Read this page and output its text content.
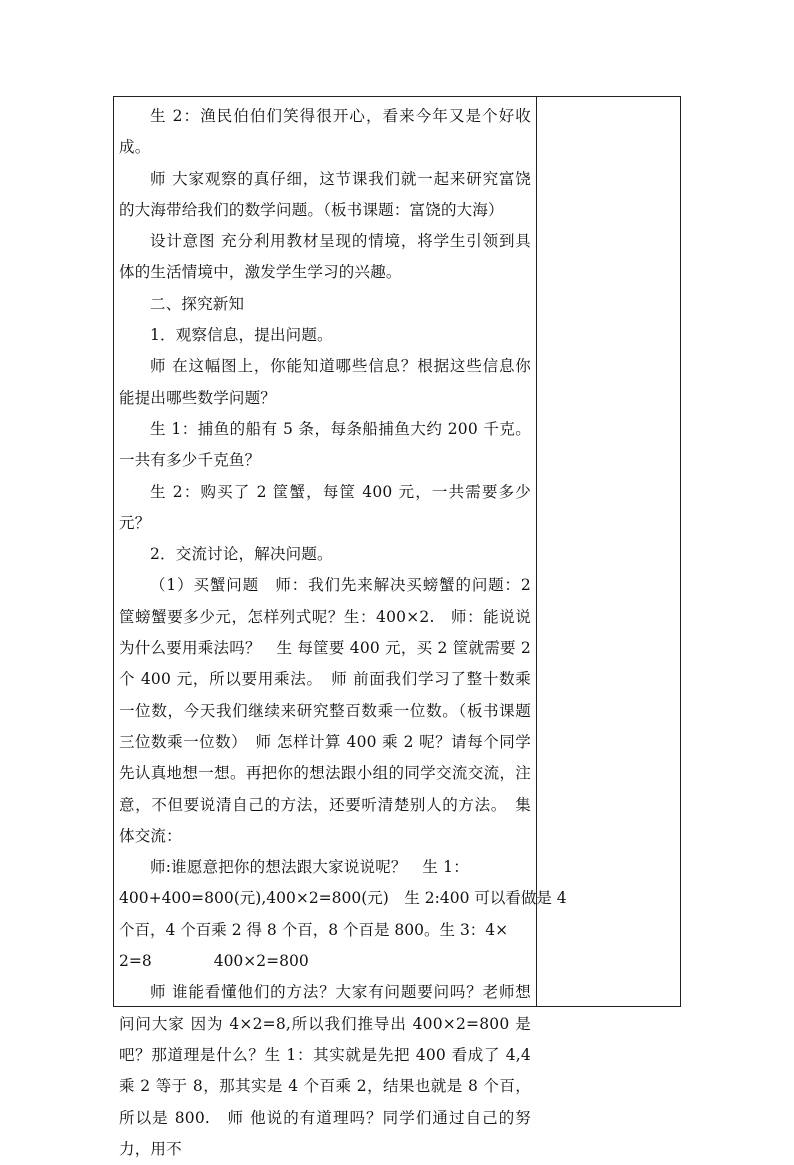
生 2：渔民伯伯们笑得很开心，看来今年又是个好收成。

师 大家观察的真仔细，这节课我们就一起来研究富饶的大海带给我们的数学问题。（板书课题：富饶的大海）

设计意图 充分利用教材呈现的情境，将学生引领到具体的生活情境中，激发学生学习的兴趣。

二、探究新知

1．观察信息，提出问题。

师 在这幅图上，你能知道哪些信息？根据这些信息你能提出哪些数学问题？

生 1：捕鱼的船有 5 条，每条船捕鱼大约 200 千克。一共有多少千克鱼？

生 2：购买了 2 筐蟹，每筐 400 元，一共需要多少元？

2．交流讨论，解决问题。

（1）买蟹问题　师：我们先来解决买螃蟹的问题：2 筐螃蟹要多少元，怎样列式呢？生：400×2.　师：能说说为什么要用乘法吗？　生 每筐要 400 元，买 2 筐就需要 2 个 400 元，所以要用乘法。　师 前面我们学习了整十数乘一位数，今天我们继续来研究整百数乘一位数。（板书课题三位数乘一位数）　师 怎样计算 400 乘 2 呢？请每个同学先认真地想一想。再把你的想法跟小组的同学交流交流，注意，不但要说清自己的方法，还要听清楚别人的方法。　集体交流：

师:谁愿意把你的想法跟大家说说呢？　生 1：

400+400=800(元),400×2=800(元)　生 2:400 可以看做是 4

个百，4 个百乘 2 得 8 个百，8 个百是 800。生 3：4×

2=8　　　　400×2=800

师 谁能看懂他们的方法？大家有问题要问吗？老师想问问大家 因为 4×2=8,所以我们推导出 400×2=800 是吧？那道理是什么？生 1：其实就是先把 400 看成了 4,4 乘 2 等于 8，那其实是 4 个百乘 2，结果也就是 8 个百，所以是 800.　师 他说的有道理吗？同学们通过自己的努力，用不
